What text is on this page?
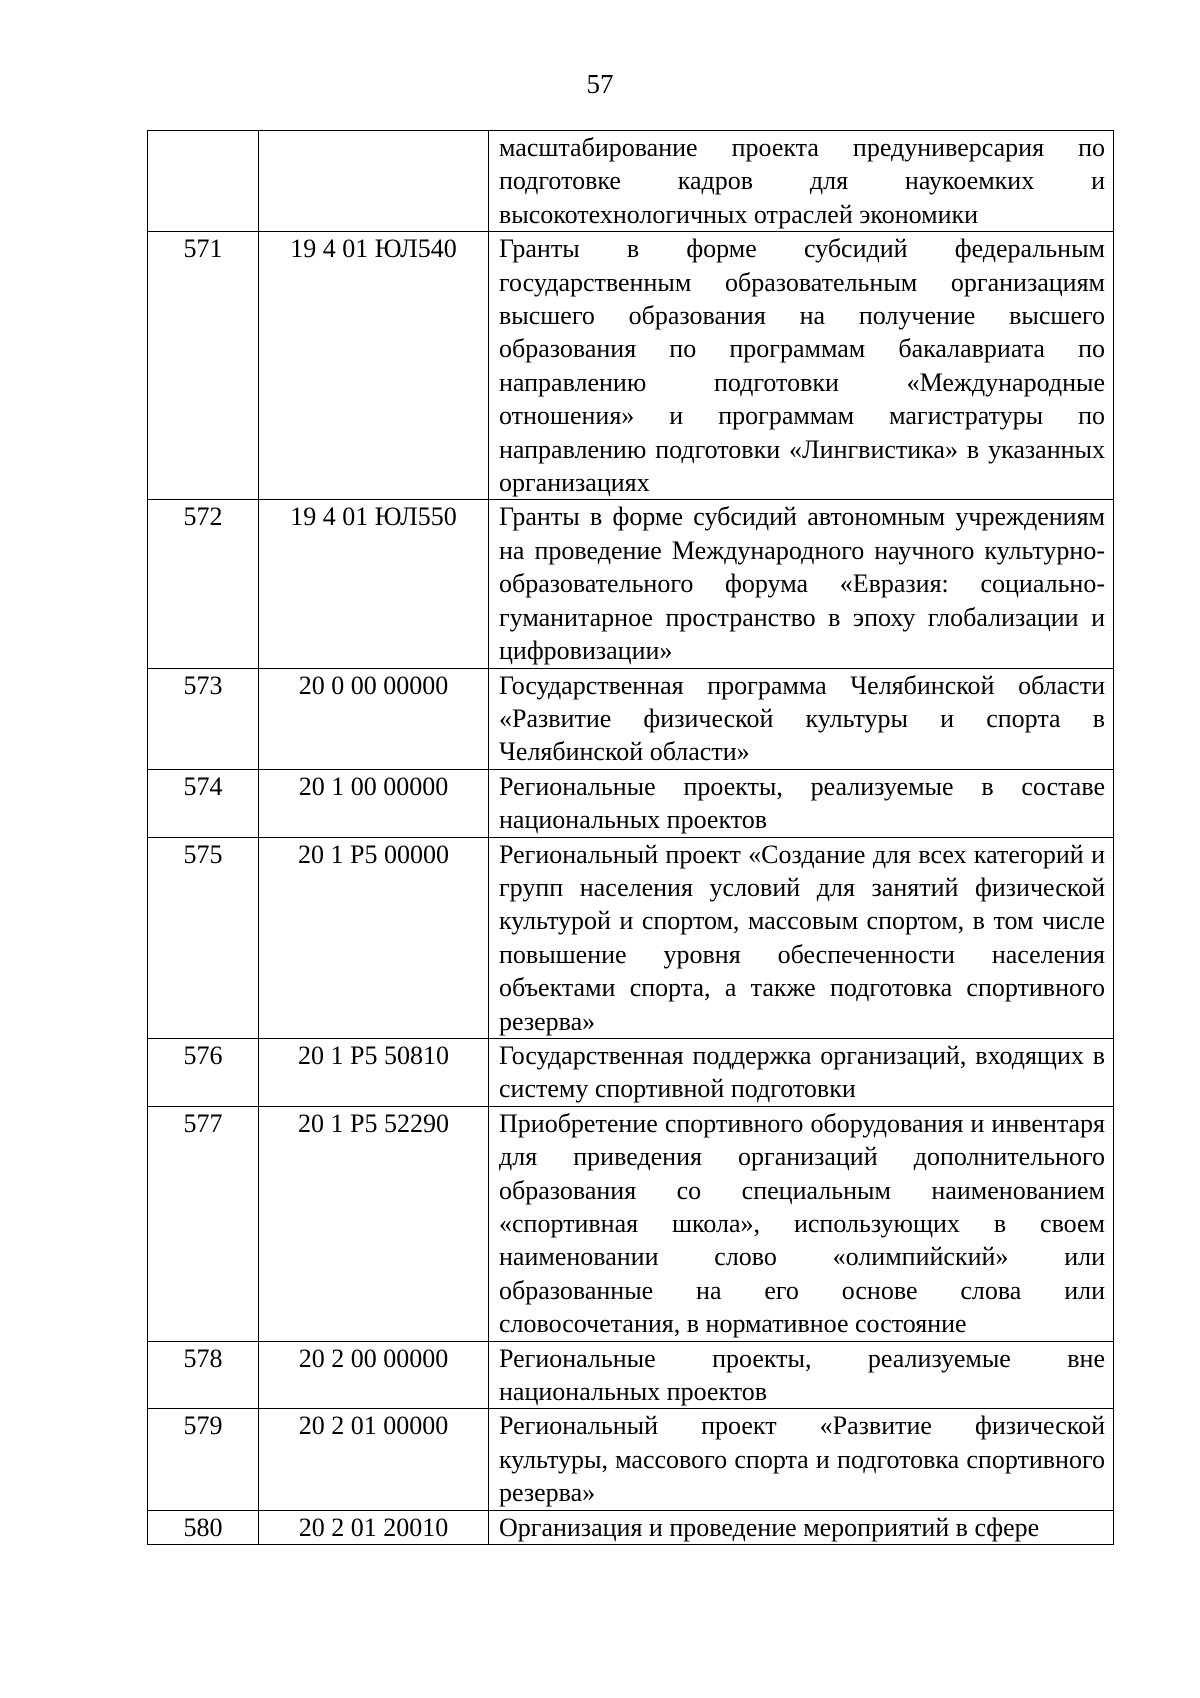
57
		масштабирование проекта предуниверсария по подготовке кадров для наукоемких и высокотехнологичных отраслей экономики
571	19 4 01 ЮЛ540	Гранты в форме субсидий федеральным государственным образовательным организациям высшего образования на получение высшего образования по программам бакалавриата по направлению подготовки «Международные отношения» и программам магистратуры по направлению подготовки «Лингвистика» в указанных организациях
572	19 4 01 ЮЛ550	Гранты в форме субсидий автономным учреждениям на проведение Международного научного культурно-образовательного форума «Евразия: социально-гуманитарное пространство в эпоху глобализации и цифровизации»
573	20 0 00 00000	Государственная программа Челябинской области «Развитие физической культуры и спорта в Челябинской области»
574	20 1 00 00000	Региональные проекты, реализуемые в составе национальных проектов
575	20 1 Р5 00000	Региональный проект «Создание для всех категорий и групп населения условий для занятий физической культурой и спортом, массовым спортом, в том числе повышение уровня обеспеченности населения объектами спорта, а также подготовка спортивного резерва»
576	20 1 Р5 50810	Государственная поддержка организаций, входящих в систему спортивной подготовки
577	20 1 Р5 52290	Приобретение спортивного оборудования и инвентаря для приведения организаций дополнительного образования со специальным наименованием «спортивная школа», использующих в своем наименовании слово «олимпийский» или образованные на его основе слова или словосочетания, в нормативное состояние
578	20 2 00 00000	Региональные проекты, реализуемые вне национальных проектов
579	20 2 01 00000	Региональный проект «Развитие физической культуры, массового спорта и подготовка спортивного резерва»
580	20 2 01 20010	Организация и проведение мероприятий в сфере
